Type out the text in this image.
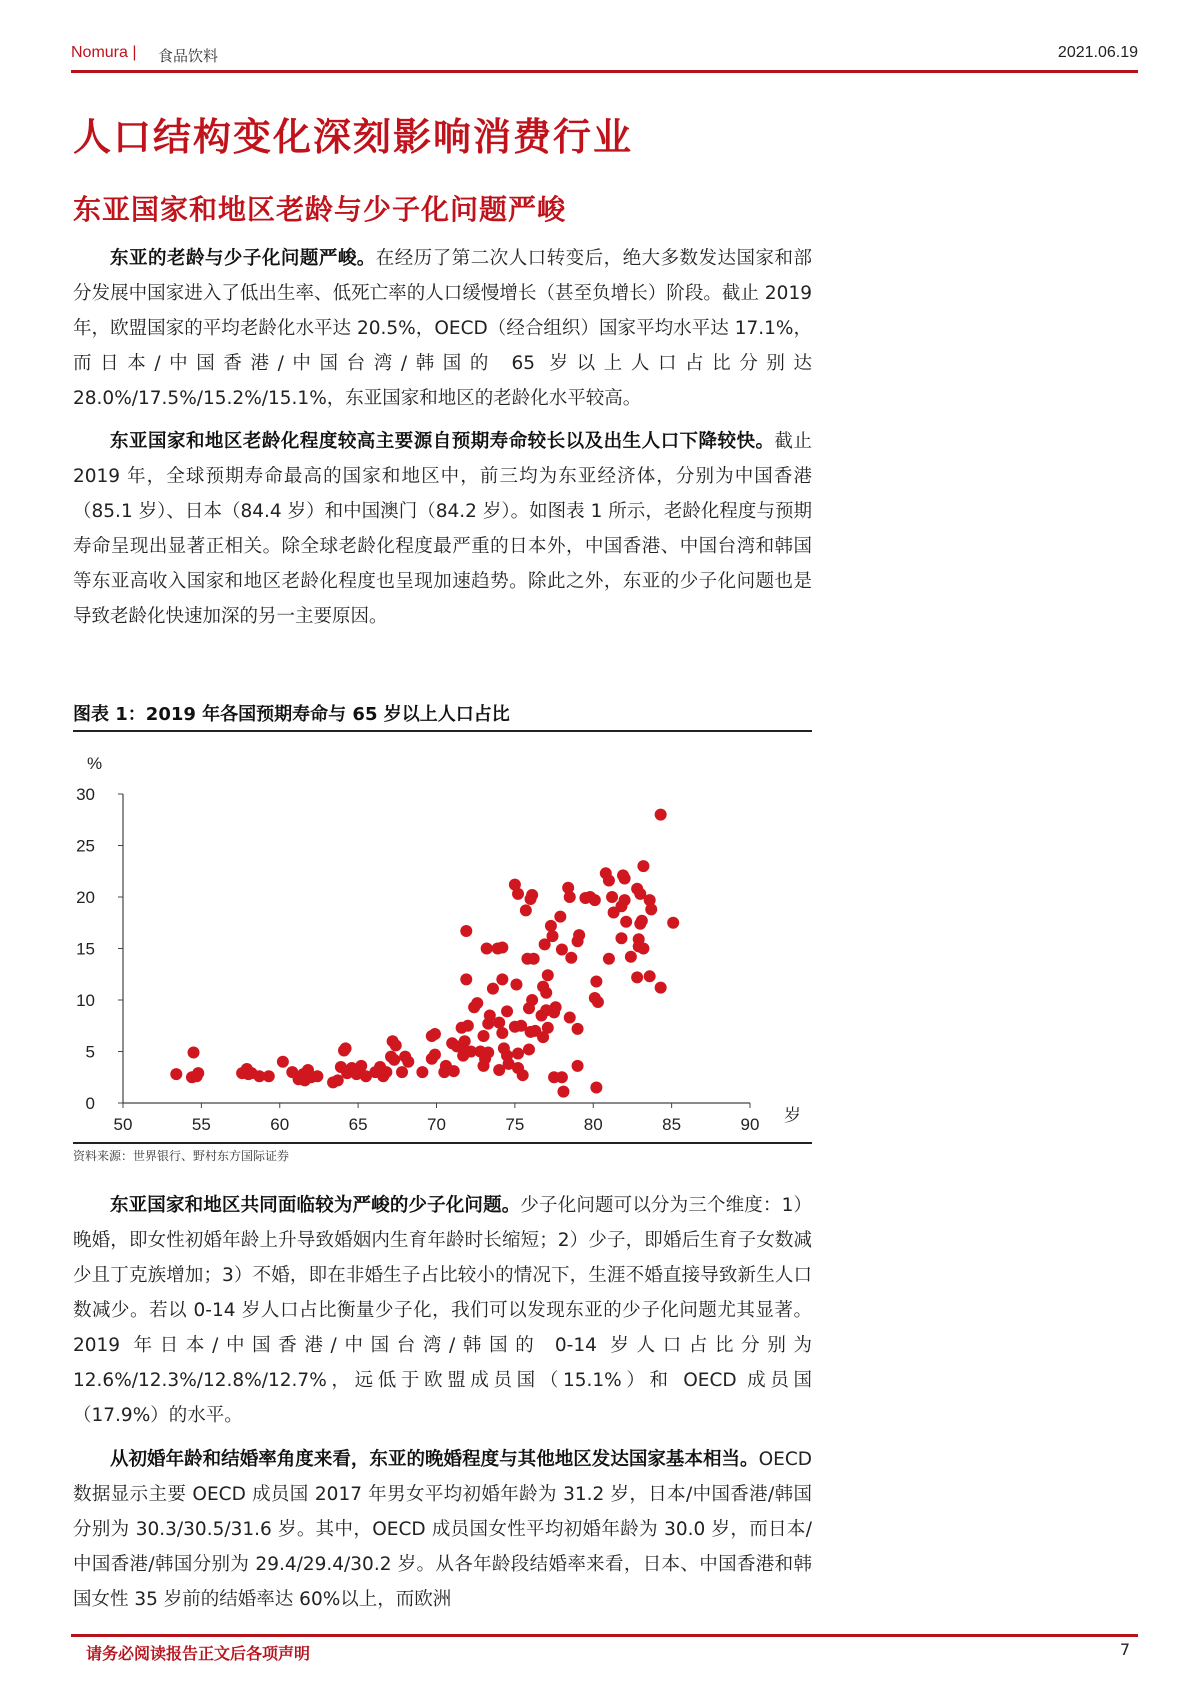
Nomura | 食品饮料	2021.06.19
人口结构变化深刻影响消费行业
东亚国家和地区老龄与少子化问题严峻
东亚的老龄与少子化问题严峻。在经历了第二次人口转变后，绝大多数发达国家和部分发展中国家进入了低出生率、低死亡率的人口缓慢增长（甚至负增长）阶段。截止 2019 年，欧盟国家的平均老龄化水平达 20.5%，OECD（经合组织）国家平均水平达 17.1%，而日本/中国香港/中国台湾/韩国的 65 岁以上人口占比分别达 28.0%/17.5%/15.2%/15.1%，东亚国家和地区的老龄化水平较高。
东亚国家和地区老龄化程度较高主要源自预期寿命较长以及出生人口下降较快。截止 2019 年，全球预期寿命最高的国家和地区中，前三均为东亚经济体，分别为中国香港（85.1 岁）、日本（84.4 岁）和中国澳门（84.2 岁）。如图表 1 所示，老龄化程度与预期寿命呈现出显著正相关。除全球老龄化程度最严重的日本外，中国香港、中国台湾和韩国等东亚高收入国家和地区老龄化程度也呈现加速趋势。除此之外，东亚的少子化问题也是导致老龄化快速加深的另一主要原因。
图表 1：2019 年各国预期寿命与 65 岁以上人口占比
50	55	60	65	70	75	80	85	90
0
5
10
15
20
25
30
%
岁
资料来源：世界银行、野村东方国际证券
东亚国家和地区共同面临较为严峻的少子化问题。少子化问题可以分为三个维度：1）晚婚，即女性初婚年龄上升导致婚姻内生育年龄时长缩短；2）少子，即婚后生育子女数减少且丁克族增加；3）不婚，即在非婚生子占比较小的情况下，生涯不婚直接导致新生人口数减少。若以 0-14 岁人口占比衡量少子化，我们可以发现东亚的少子化问题尤其显著。2019 年日本/中国香港/中国台湾/韩国的 0-14 岁人口占比分别为 12.6%/12.3%/12.8%/12.7%，远低于欧盟成员国（15.1%）和 OECD 成员国（17.9%）的水平。
从初婚年龄和结婚率角度来看，东亚的晚婚程度与其他地区发达国家基本相当。OECD 数据显示主要 OECD 成员国 2017 年男女平均初婚年龄为 31.2 岁，日本/中国香港/韩国分别为 30.3/30.5/31.6 岁。其中，OECD 成员国女性平均初婚年龄为 30.0 岁，而日本/中国香港/韩国分别为 29.4/29.4/30.2 岁。从各年龄段结婚率来看，日本、中国香港和韩国女性 35 岁前的结婚率达 60%以上，而欧洲
请务必阅读报告正文后各项声明	7
